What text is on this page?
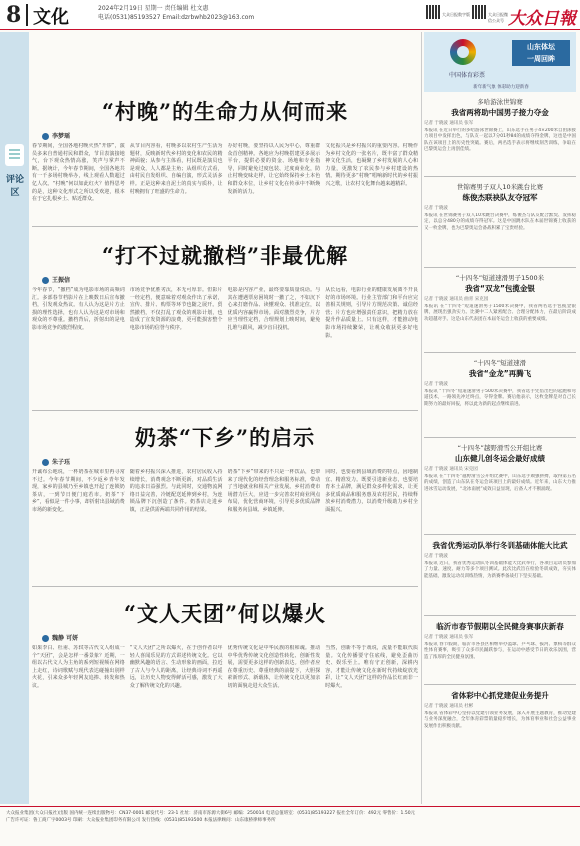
8 文化	2024年2月19日 星期一 责任编辑 杜文惠
电话(0531)85193527 Email:dzrbwhb2023@163.com	大众日报数字版	大众日报微信公众号 大众日報
评论区
“村晚”的生命力从何而来
李梦瑶
春节期间，全国各地村晚火热“开锣”，演员多来自普通村民和群众，节目表演接地气，台下观众热情高涨，笑声与掌声不断。据统计，今年春节期间，全国各地共有一千多场村晚举办，线上观看人数超过亿人次。“村晚”何以如此红火？值得思考的是，这种文化形式之所以受欢迎，根本在于它扎根乡土、贴近群众。
从节目内容看，村晚多以农村生产生活为题材，反映新时代乡村的变化和农民的精神面貌；从参与主体看，村民既是演员也是观众，人人都是主角；从组织方式看，由村民自发组织、自编自演，形式灵活多样。正是这种来自泥土的真实与质朴，让村晚拥有了旺盛的生命力。
办好村晚，要坚持以人民为中心，尊重群众首创精神。各地应为村晚搭建更多展示平台，提供必要的资金、场地和专业指导，同时避免过度包装、过度商业化，防止村晚变味走样，让它始终保持乡土本色和群众本位，让乡村文化在传承中不断焕发新的活力。
文化振兴是乡村振兴的重要内容。村晚作为乡村文化的一张名片，既丰富了群众精神文化生活，也凝聚了乡村发展的人心和力量，更激发了农民参与乡村建设的热情。期待更多“村晚”唱响新时代的乡村振兴之歌，让农村文化舞台越来越精彩。
“打不过就撤档”非最优解
王振信
今年春节，“撤档”成为电影市场的高频词汇。多部春节档影片在上映数日后宣布撤档，引发观众热议。有人认为这是片方止损的理性选择，也有人认为这是对市场和观众的不尊重。撤档背后，折射出的是电影市场竞争的激烈程度。
市场竞争优胜劣汰，本无可厚非。但影片一经定档，便意味着对观众作出了承诺，宣传、排片、购票等环节也随之展开。贸然撤档，不仅打乱了观众的观影计划，也造成了宣发资源的浪费，更可能损害整个电影市场的信誉与秩序。
电影是内容产业，最终要靠质量说话。与其在遭遇票房困境时一撤了之，不如沉下心来打磨作品、读懂观众、找准定位，以优质内容赢得市场。面对激烈竞争，片方应当理性定档，合理规划上映时间，避免扎堆与跟风，减少盲目投机。
从长远看，电影行业的健康发展离不开良好的市场环境。行业主管部门和平台应完善相关规则，引导片方规范决策、诚信经营；片方也应增强责任意识，把精力放在提升作品质量上。只有这样，才能推动电影市场持续繁荣，让观众收获更多好电影。
奶茶“下乡”的启示
朱子珏
开诚布公地说，一杯奶茶在城市里再寻常不过。今年春节期间，不少返乡青年发现，家乡的县城乃至乡镇也开起了连锁奶茶店，一到节日便门庭若市。奶茶“下乡”，看似是一件小事，却折射出县域消费市场的新变化。
随着乡村振兴深入推进，农村居民收入持续增长，消费观念不断更新，对品质生活的追求日益强烈。与此同时，交通物流网络日益完善，冷链配送延伸到乡村，为连锁品牌下沉创造了条件。奶茶店走进乡镇，正是供需两端共同作用的结果。
奶茶“下乡”带来的不只是一杯饮品，也带来了现代化的经营理念和服务标准，带动了当地就业和相关产业发展。乡村消费市场潜力巨大，应进一步完善农村商业网点布局，优化营商环境，引导更多优质品牌和服务向县域、乡镇延伸。
同时，也要看到县域消费的特点，因地制宜、精准发力。既要引进新业态，也要培育本土品牌，满足群众多样化需求，让更多优质商品和服务惠及农村居民，持续释放乡村消费潜力，以消费升级助力乡村全面振兴。
“文人天团”何以爆火
魏静 可妍
如果李白、杜甫、苏轼等古代文人组成一个“天团”，会是怎样一番景象？近期，一组以古代文人为主角的系列短视频在网络上走红，诗词歌赋与现代表达碰撞出别样火花，引来众多年轻网友追捧、转发和热议。
“文人天团”之所以爆火，在于创作者以年轻人喜闻乐见的方式讲述传统文化。它以幽默风趣的语言、生动形象的画面，拉近了古人与今人的距离，让经典诗词不再遥远，让历史人物变得鲜活可感，激发了大众了解传统文化的兴趣。
优秀传统文化是中华民族的根和魂。推动中华优秀传统文化创造性转化、创新性发展，需要更多这样的创新表达。创作者应在尊重历史、尊重经典的前提下，大胆探索新形式、新载体，让传统文化以更加亲切的面貌走进大众生活。
当然，创新不等于戏说，流量不能取代质量。文化传播要守住底线，避免歪曲历史、娱乐至上。唯有守正创新，深耕内容，才能让传统文化在新时代持续绽放光彩，让“文人天团”这样的作品长红而非一时爆火。
中国体育彩票
山东体坛
一周回眸
新年新气象 体彩助力迎新春
多哈游泳世锦赛
我省两将助中国男子接力夺金
记者 于晓波 通讯员 张军
本报讯 在近日举行的多哈游泳世锦赛上，山东选手在男子4×200米自由泳接力项目中发挥出色，与队友一起以7分01秒84的成绩夺得金牌，这也是中国队在该项目上的历史性突破。赛后，两名选手表示将继续刻苦训练，争取在巴黎奥运会上再创佳绩。
世锦赛男子双人10米跳台比赛
练俊杰联袂队友夺冠军
记者 于晓波
本报讯 在世锦赛男子双人10米跳台决赛中，练俊杰与队友配合默契、发挥稳定，以总分480分的成绩夺得冠军。这是中国跳水队在本届世锦赛上收获的又一枚金牌，也为巴黎奥运会备战积累了宝贵经验。
“十四冬”短道速滑男子1500米
我省“双龙”包揽金银
记者 于晓波 通讯员 曲青 宋克园
本报讯 在“十四冬”短道速滑男子1500米决赛中，我省两名选手包揽金银牌，展现出强劲实力。比赛中二人紧密配合、合理分配体力，在最后阶段成功超越对手。这是山东代表团在本届冬运会上收获的重要成绩。
“十四冬”短道速滑
我省“金龙”再腾飞
记者 于晓波
本报讯 “十四冬”短道速滑男子500米决赛中，我省选手凭借出色的起跑和弯道技术，一路领先冲过终点，夺得金牌。赛后他表示，这枚金牌是对自己长期努力的最好回报，将以此为新的起点继续前进。
“十四冬”越野滑雪公开组比赛
山东健儿创冬运会最好成绩
记者 于晓波 通讯员 宋克园
本报讯 在“十四冬”越野滑雪公开组比赛中，山东选手顽强拼搏，取得第五名的成绩，创造了山东队在冬运会该项目上的最好成绩。近年来，山东大力推进冰雪运动发展，“北冰南展”成效日益显现，后备人才不断涌现。
我省优秀运动队举行冬训基础体能大比武
记者 于晓波
本报讯 近日，我省优秀运动队冬训基础体能大比武举行，各项目运动员参加了力量、速度、耐力等多个项目测试。此次比武旨在检验冬训成效，夯实体能基础，激发运动员训练热情，为新赛季备战打下坚实基础。
临沂市春节假期以全民健身赛事庆新春
记者 于晓波 通讯员 张军
本报讯 春节假期，临沂市各县区相继举办篮球、乒乓球、拔河、象棋等群众性体育赛事，吸引了众多市民踊跃参与，在运动中感受节日的欢乐氛围，营造了浓厚的全民健身氛围。
省体彩中心抓党建促业务提升
记者 于晓波 通讯员 杜彬
本报讯 省体彩中心坚持以党建引领业务发展，深入开展主题教育，推动党建与业务深度融合，全年体育彩票销量稳步增长，为体育事业和社会公益事业发展作出积极贡献。
大众报业集团(大众日报社)出版 国内统一连续出版物号：CN37-0001 邮发代号：23-1 社址：济南市泺源大街6号 邮编：250014 电话总值班室：(0531)85193227 报社全年订价：492元 零售价：1.50元
广告许可证：鲁工商广字0003号 印刷：大众报业集团印务有限公司 发行热线：(0531)85193500 本报法律顾问：山东康桥律师事务所
